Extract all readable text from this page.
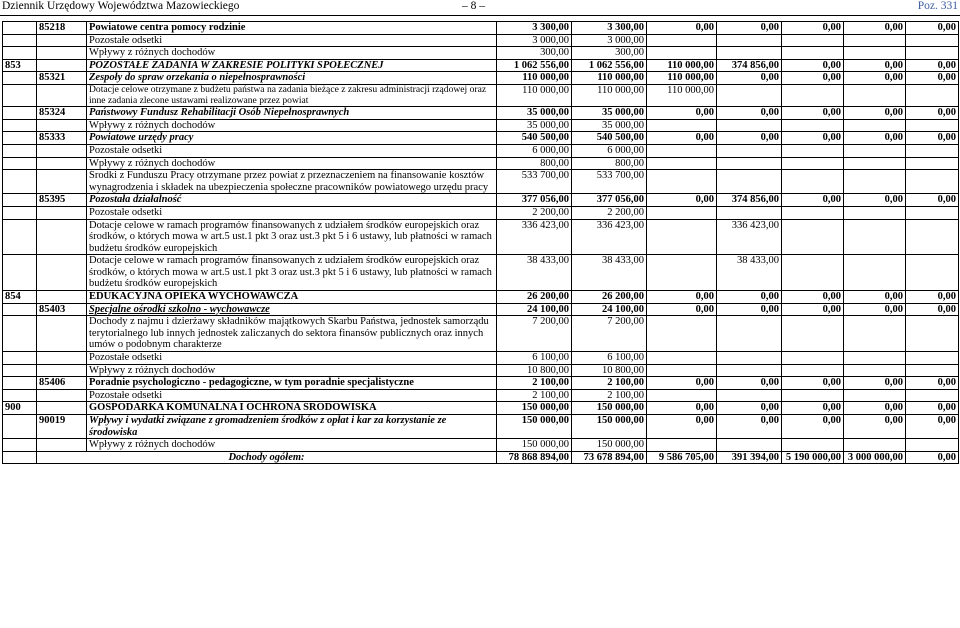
Dziennik Urzędowy Województwa Mazowieckiego	– 8 –	Poz. 331
	85218	Powiatowe centra pomocy rodzinie	3 300,00	3 300,00	0,00	0,00	0,00	0,00	0,00
		Pozostałe odsetki	3 000,00	3 000,00					
		Wpływy z różnych dochodów	300,00	300,00					
853		POZOSTAŁE ZADANIA W ZAKRESIE POLITYKI SPOŁECZNEJ	1 062 556,00	1 062 556,00	110 000,00	374 856,00	0,00	0,00	0,00
	85321	Zespoły do spraw orzekania o niepełnosprawności	110 000,00	110 000,00	110 000,00	0,00	0,00	0,00	0,00
		Dotacje celowe otrzymane z budżetu państwa na zadania bieżące z zakresu administracji rządowej oraz inne zadania zlecone ustawami realizowane przez powiat	110 000,00	110 000,00	110 000,00				
	85324	Państwowy Fundusz Rehabilitacji Osób Niepełnosprawnych	35 000,00	35 000,00	0,00	0,00	0,00	0,00	0,00
		Wpływy z różnych dochodów	35 000,00	35 000,00					
	85333	Powiatowe urzędy pracy	540 500,00	540 500,00	0,00	0,00	0,00	0,00	0,00
		Pozostałe odsetki	6 000,00	6 000,00					
		Wpływy z różnych dochodów	800,00	800,00					
		Środki z Funduszu Pracy otrzymane przez powiat z przeznaczeniem na finansowanie kosztów wynagrodzenia i składek na ubezpieczenia społeczne pracowników powiatowego urzędu pracy	533 700,00	533 700,00					
	85395	Pozostała działalność	377 056,00	377 056,00	0,00	374 856,00	0,00	0,00	0,00
		Pozostałe odsetki	2 200,00	2 200,00					
		Dotacje celowe w ramach programów finansowanych z udziałem środków europejskich oraz środków, o których mowa w art.5 ust.1 pkt 3 oraz ust.3 pkt 5 i 6 ustawy, lub płatności w ramach budżetu środków europejskich	336 423,00	336 423,00		336 423,00			
		Dotacje celowe w ramach programów finansowanych z udziałem środków europejskich oraz środków, o których mowa w art.5 ust.1 pkt 3 oraz ust.3 pkt 5 i 6 ustawy, lub płatności w ramach budżetu środków europejskich	38 433,00	38 433,00		38 433,00			
854		EDUKACYJNA OPIEKA WYCHOWAWCZA	26 200,00	26 200,00	0,00	0,00	0,00	0,00	0,00
	85403	Specjalne ośrodki szkolno - wychowawcze	24 100,00	24 100,00	0,00	0,00	0,00	0,00	0,00
		Dochody z najmu i dzierżawy składników majątkowych Skarbu Państwa, jednostek samorządu terytorialnego lub innych jednostek zaliczanych do sektora finansów publicznych oraz innych umów o podobnym charakterze	7 200,00	7 200,00					
		Pozostałe odsetki	6 100,00	6 100,00					
		Wpływy z różnych dochodów	10 800,00	10 800,00					
	85406	Poradnie psychologiczno - pedagogiczne, w tym poradnie specjalistyczne	2 100,00	2 100,00	0,00	0,00	0,00	0,00	0,00
		Pozostałe odsetki	2 100,00	2 100,00					
900		GOSPODARKA KOMUNALNA I OCHRONA ŚRODOWISKA	150 000,00	150 000,00	0,00	0,00	0,00	0,00	0,00
	90019	Wpływy i wydatki związane z gromadzeniem środków z opłat i kar za korzystanie ze środowiska	150 000,00	150 000,00	0,00	0,00	0,00	0,00	0,00
		Wpływy z różnych dochodów	150 000,00	150 000,00					
	Dochody ogółem:		78 868 894,00	73 678 894,00	9 586 705,00	391 394,00	5 190 000,00	3 000 000,00	0,00
